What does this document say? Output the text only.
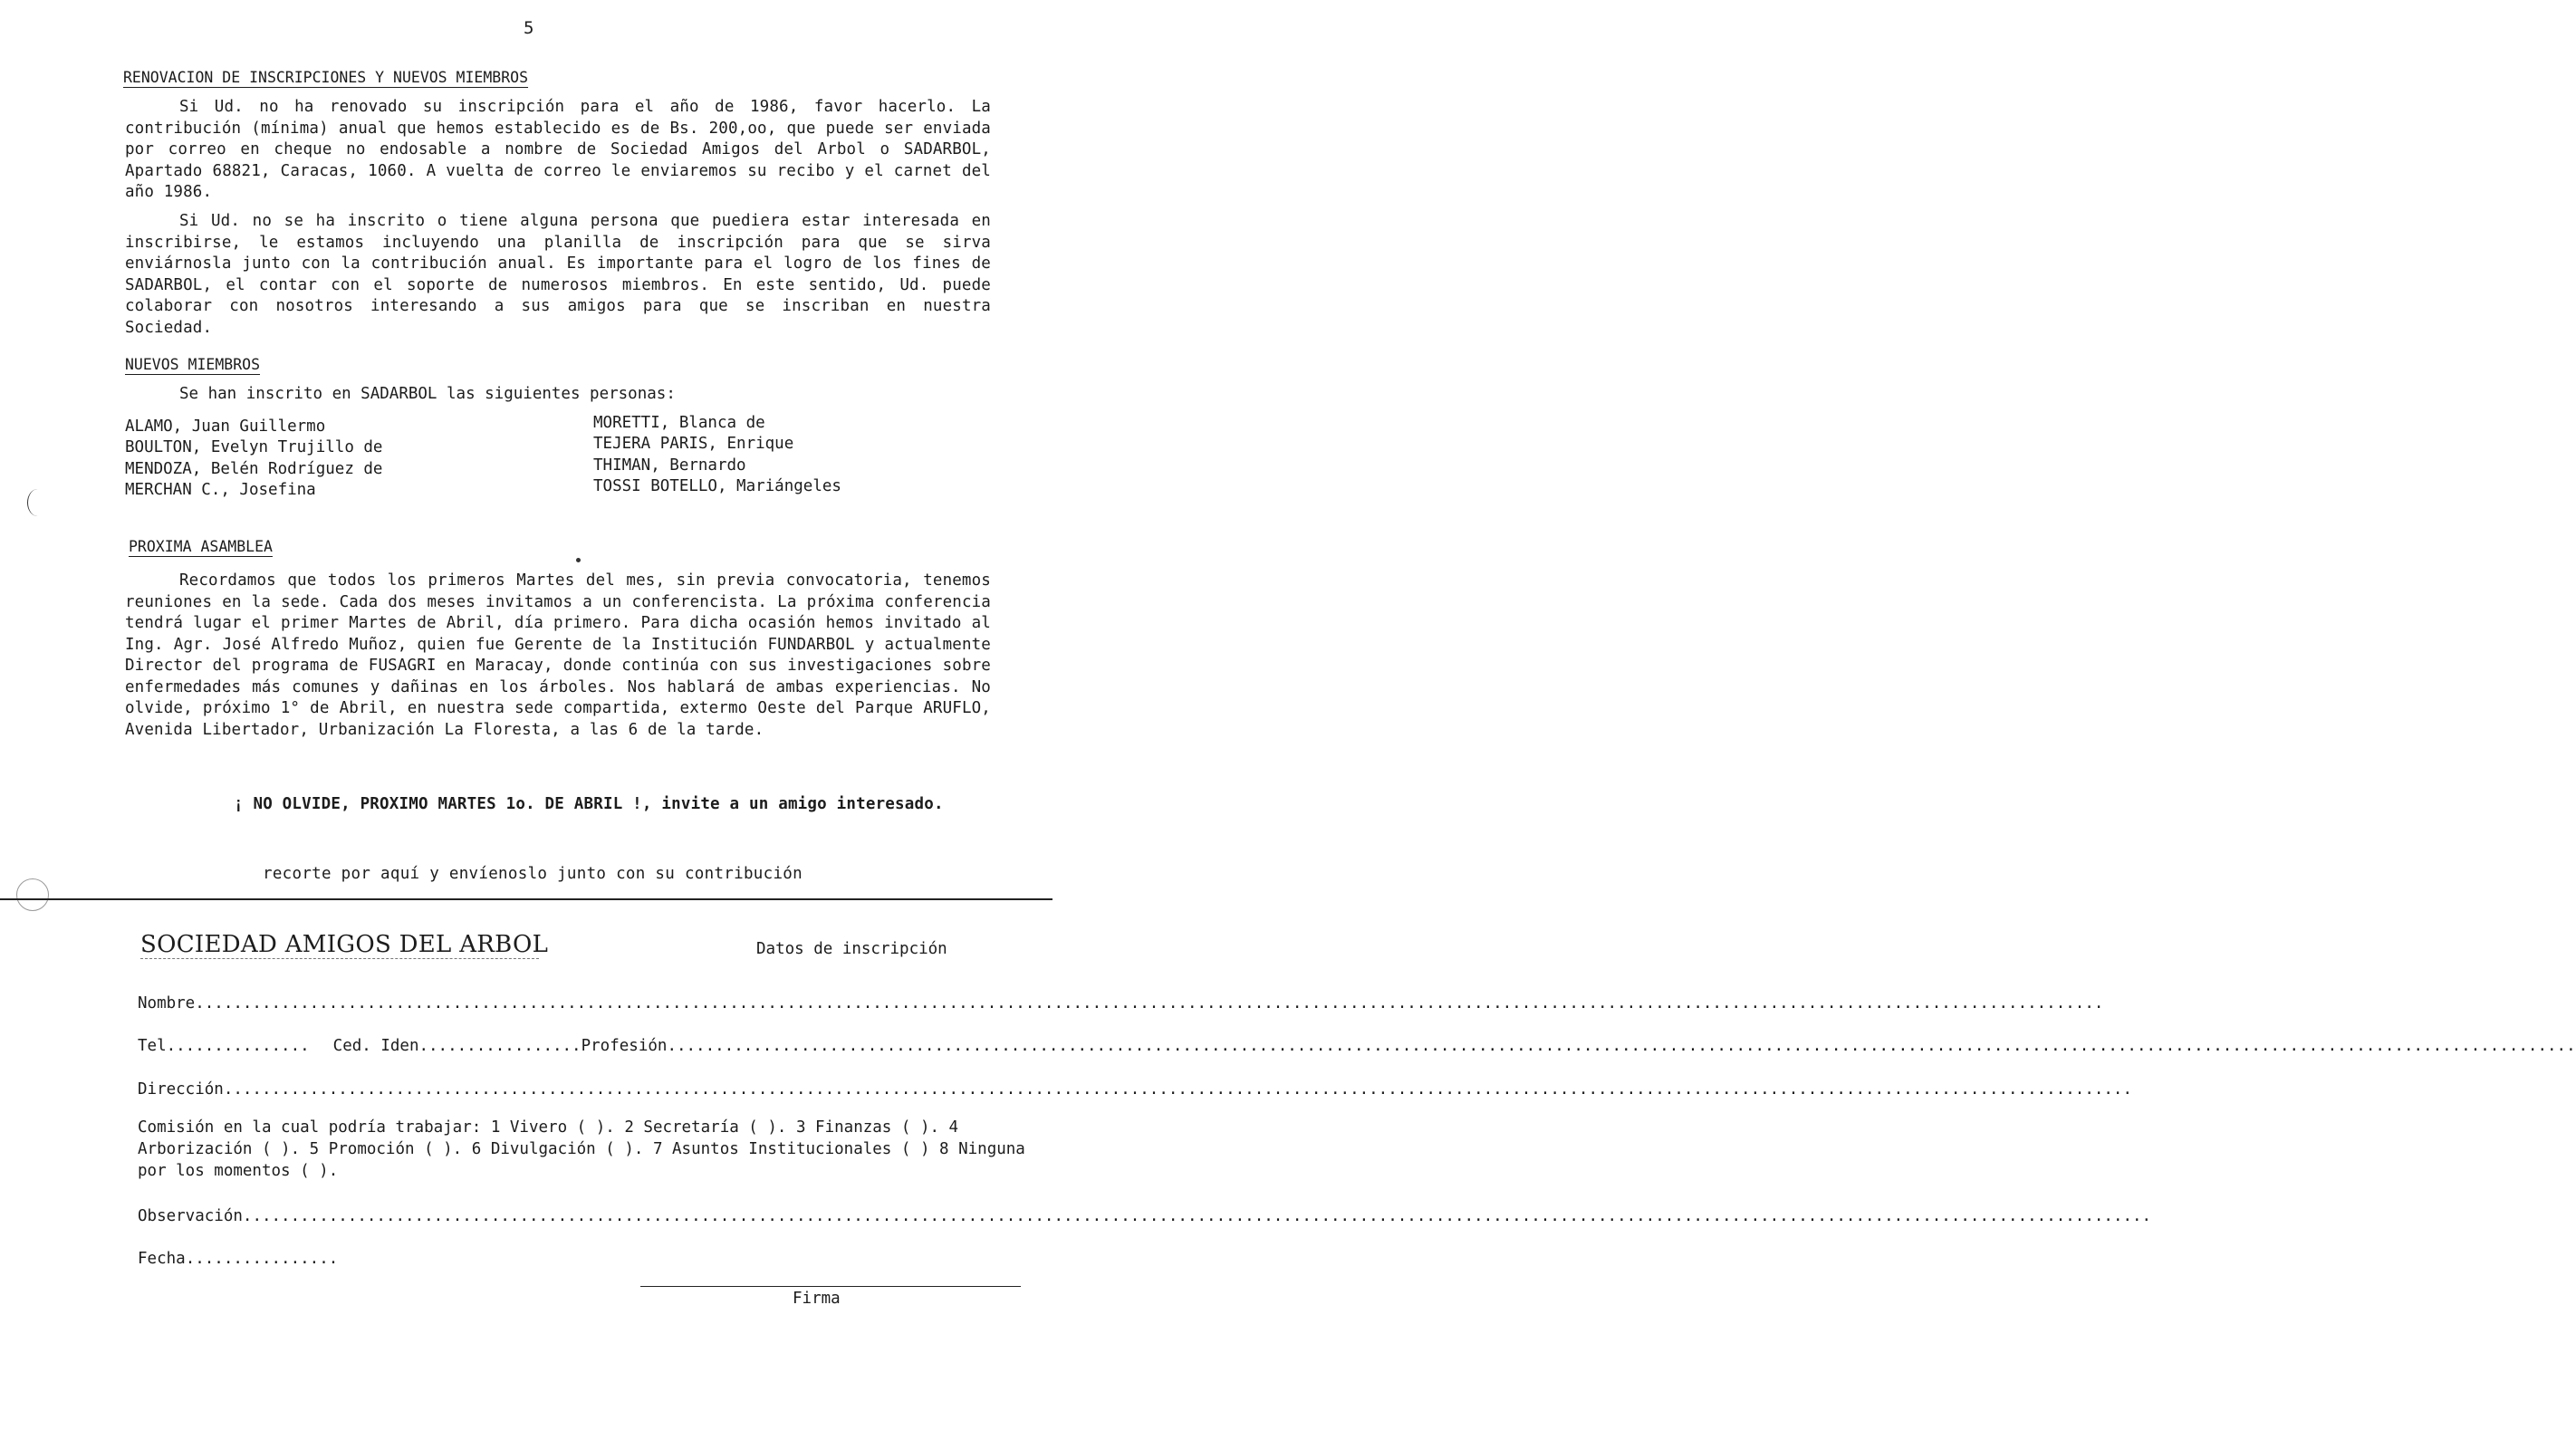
5
RENOVACION DE INSCRIPCIONES Y NUEVOS MIEMBROS
Si Ud. no ha renovado su inscripción para el año de 1986, favor hacerlo. La contribución (mínima) anual que hemos establecido es de Bs. 200,oo, que puede ser enviada por correo en cheque no endosable a nombre de Sociedad Amigos del Arbol o SADARBOL, Apartado 68821, Caracas, 1060. A vuelta de correo le enviaremos su recibo y el carnet del año 1986.
Si Ud. no se ha inscrito o tiene alguna persona que puediera estar interesada en inscribirse, le estamos incluyendo una planilla de inscripción para que se sirva enviárnosla junto con la contribución anual. Es importante para el logro de los fines de SADARBOL, el contar con el soporte de numerosos miembros. En este sentido, Ud. puede colaborar con nosotros interesando a sus amigos para que se inscriban en nuestra Sociedad.
NUEVOS MIEMBROS
Se han inscrito en SADARBOL las siguientes personas:
ALAMO, Juan Guillermo
BOULTON, Evelyn Trujillo de
MENDOZA, Belén Rodríguez de
MERCHAN C., Josefina
MORETTI, Blanca de
TEJERA PARIS, Enrique
THIMAN, Bernardo
TOSSI BOTELLO, Mariángeles
PROXIMA ASAMBLEA
Recordamos que todos los primeros Martes del mes, sin previa convocatoria, tenemos reuniones en la sede. Cada dos meses invitamos a un conferencista. La próxima conferencia tendrá lugar el primer Martes de Abril, día primero. Para dicha ocasión hemos invitado al Ing. Agr. José Alfredo Muñoz, quien fue Gerente de la Institución FUNDARBOL y actualmente Director del programa de FUSAGRI en Maracay, donde continúa con sus investigaciones sobre enfermedades más comunes y dañinas en los árboles. Nos hablará de ambas experiencias. No olvide, próximo 1° de Abril, en nuestra sede compartida, extermo Oeste del Parque ARUFLO, Avenida Libertador, Urbanización La Floresta, a las 6 de la tarde.
¡ NO OLVIDE, PROXIMO MARTES 1o. DE ABRIL !, invite a un amigo interesado.
recorte por aquí y envíenoslo junto con su contribución
SOCIEDAD AMIGOS DEL ARBOL	Datos de inscripción
Nombre........................................................................................................................................................................................................
Tel............... Ced. Iden.................Profesión........................................................................................................................................................................................................
Dirección........................................................................................................................................................................................................
Comisión en la cual podría trabajar: 1 Vivero ( ). 2 Secretaría ( ). 3 Finanzas ( ). 4 Arborización ( ). 5 Promoción ( ). 6 Divulgación ( ). 7 Asuntos Institucionales ( ) 8 Ninguna por los momentos ( ).
Observación........................................................................................................................................................................................................
Fecha................
Firma
